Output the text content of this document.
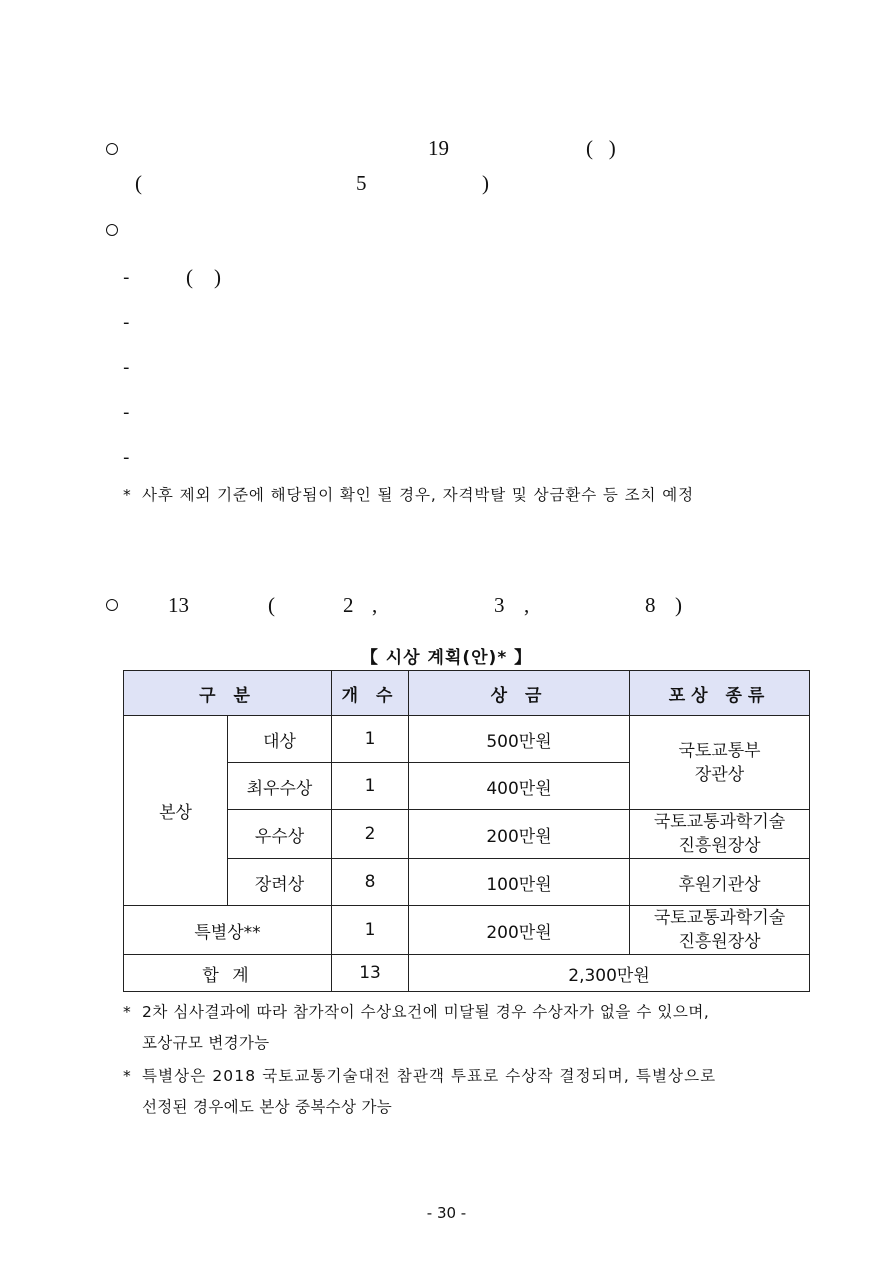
19	(   )
(	5	)
-	(    )
-
-
-
-
* 사후 제외 기준에 해당됨이 확인 될 경우, 자격박탈 및 상금환수 등 조치 예정
13	(	2 ,	3 ,	8 )
【 시상 계획(안)* 】
구 분		개 수	상 금	포상 종류
본상	대상	1	500만원	국토교통부
장관상
	최우수상	1	400만원	
	우수상	2	200만원	국토교통과학기술
진흥원장상
	장려상	8	100만원	후원기관상
특별상**		1	200만원	국토교통과학기술
진흥원장상
합 계		13	2,300만원	
* 2차 심사결과에 따라 참가작이 수상요건에 미달될 경우 수상자가 없을 수 있으며,
포상규모 변경가능
* 특별상은 2018 국토교통기술대전 참관객 투표로 수상작 결정되며, 특별상으로
선정된 경우에도 본상 중복수상 가능
- 30 -
